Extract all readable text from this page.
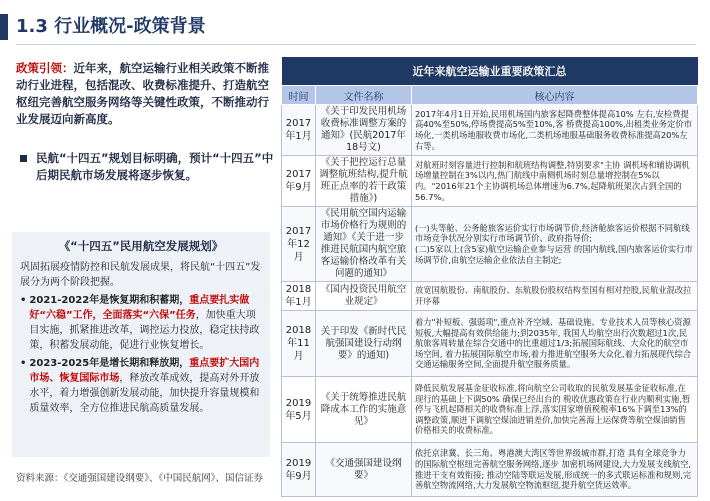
1.3 行业概况-政策背景

政策引领：近年来，航空运输行业相关政策不断推动行业进程，包括混改、收费标准提升、打造航空枢纽完善航空服务网络等关键性政策，不断推动行业发展迈向新高度。

民航“十四五”规划目标明确，预计“十四五”中后期民航市场发展将逐步恢复。
《“十四五”民用航空发展规划》
巩固拓展疫情防控和民航发展成果，将民航“十四五”发展分为两个阶段把握。
• 2021-2022年是恢复期和积蓄期，重点要扎实做好“六稳”工作，全面落实“六保”任务，加快重大项目实施，抓紧推进改革，调控运力投放，稳定扶持政策，积蓄发展动能，促进行业恢复增长。
• 2023-2025年是增长期和释放期，重点要扩大国内市场、恢复国际市场，释放改革成效，提高对外开放水平，着力增强创新发展动能，加快提升容量规模和质量效率，全方位推进民航高质量发展。
资料来源：《交通强国建设纲要》、《中国民航网》、国信证券
近年来航空运输业重要政策汇总		
时间	文件名称	核心内容
2017年1月	《关于印发民用机场收费标准调整方案的通知》(民航2017年18号文)	2017年4月1日开始,民用机场国内旅客起降费整体提高10% 左右,安检费提高40%至50%,停场费提高5%至10%,客 桥费提高100%,出租类业务定价市场化,一类机场地服收费市场化,二类机场地服基础服务收费标准提高20%左右等。
2017年9月	《关于把控运行总量调整航班结构,提升航班正点率的若干政策措施》)	对航班时刻容量进行控制和航班结构调整,特别要求"主协 调机场和辅协调机场增量控制在3%以内,热门航线中南侧机场时刻总量增控制在5%以内。"2016年21个主协调机场总体增速为6.7%,起降航班架次占到全国的56.7%。
2017年12月	《民用航空国内运输市场价格行为规则的通知》《关于进一步推进民航国内航空旅客运输价格改革有关问题的通知》	(一)头等舱、公务舱旅客运价实行市场调节价,经济舱旅客运价根据不同航线市场竞争状况分别实行市场调节价、政府指导价;
(二)5家以上(含5家)航空运输企业参与运营 的国内航线,国内旅客运价实行市场调节价,由航空运输企业依法自主制定;
2018年1月	《国内投资民用航空业规定》	放宽国航股份、南航股份、东航股份股权结构至国有相对控股,民航业混改拉开序幕
2018年11月	关于印发《新时代民航强国建设行动纲要》的通知)	着力"补短板、强弱项",重点补齐空域、基础设施、专业技术人员等核心资源短板,大幅提高有效供给能力;到2035年, 我国人均航空出行次数超过1次,民航旅客周转量在综合交通中的比重超过1/3;拓展国际航线、大众化的航空市场空间, 着力拓展国际航空市场,着力推进航空服务大众化,着力拓展现代综合交通运输服务空间,全面提升航空服务质量。
2019年5月	《关于统筹推进民航降成本工作的实施意见》	降低民航发展基金征收标准,将向航空公司收取的民航发展基金征收标准,在现行的基础上下调50% 确保已经出台的 税收优惠政策在行业内顺利实施,暂停与飞机起降相关的收费标准上浮,落实国家增值税税率16%下调至13%的调整政策,顺进下调航空煤油进销差价,加快完善海上运保费等航空煤油销售价格相关的收费标准。
2019年9月	《交通强国建设纲要》	依托京津冀、长三角、粤港澳大湾区等世界级城市群,打造 具有全球竞争力的国际航空枢纽完善航空服务网络,逐步 加密机场网建设,大力发展支线航空,推进干支有效衔接; 推动空陆等联运发展,形成统一的多式联运标准和规则,完善航空物流网络,大力发展航空物流枢纽,提升航空货运效率。
